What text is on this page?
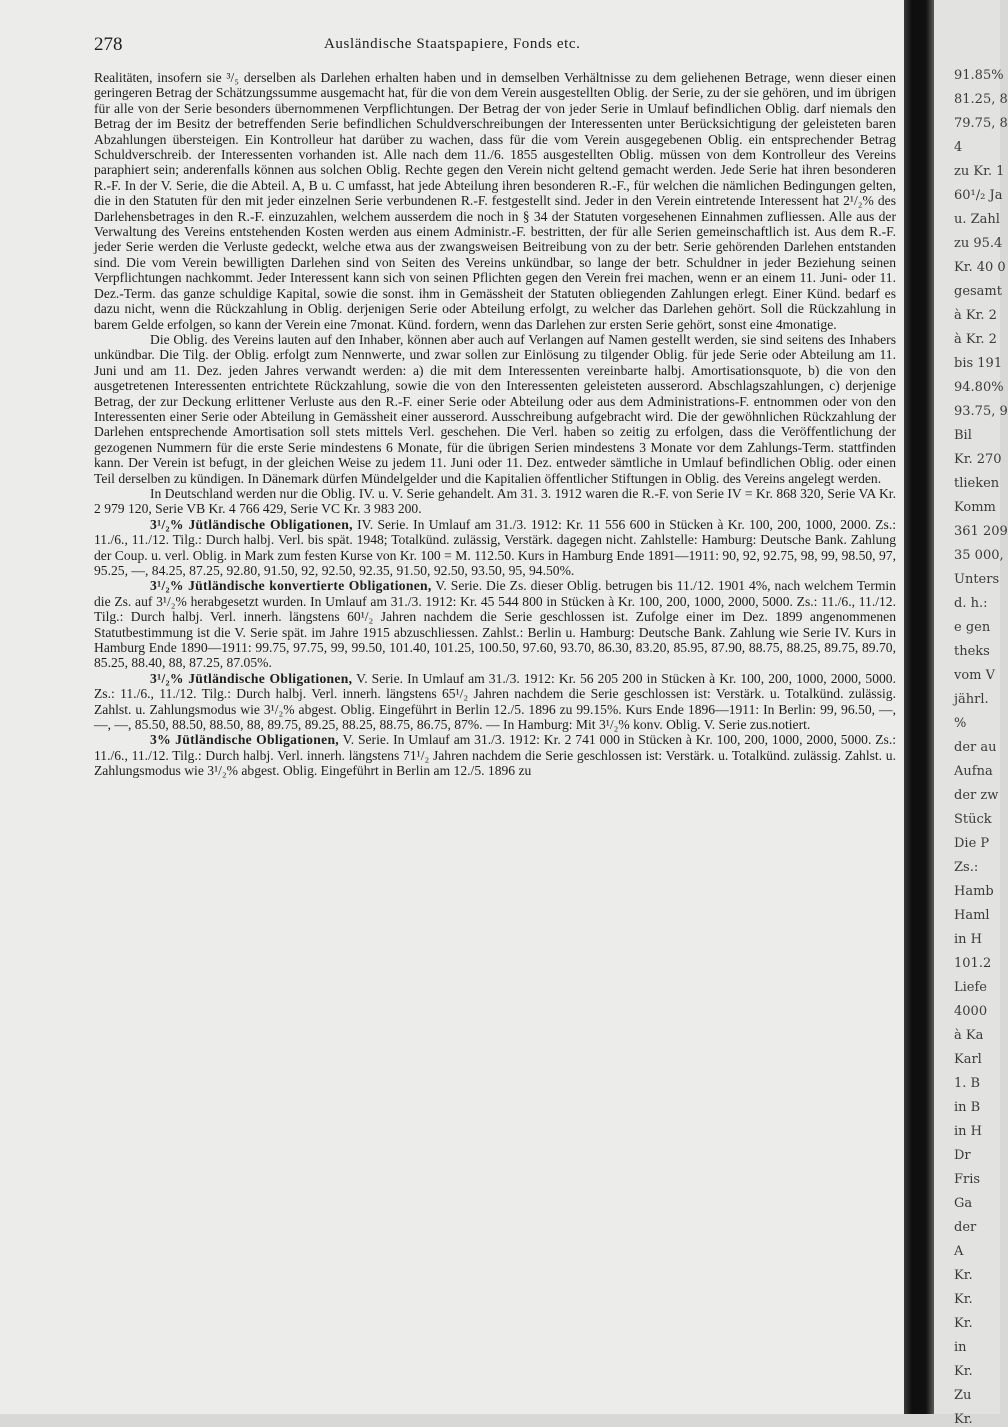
278	Ausländische Staatspapiere, Fonds etc.

Realitäten, insofern sie ³/₅ derselben als Darlehen erhalten haben und in demselben Verhältnisse zu dem geliehenen Betrage, wenn dieser einen geringeren Betrag der Schätzungssumme ausgemacht hat, für die von dem Verein ausgestellten Oblig. der Serie, zu der sie gehören, und im übrigen für alle von der Serie besonders übernommenen Verpflichtungen. Der Betrag der von jeder Serie in Umlauf befindlichen Oblig. darf niemals den Betrag der im Besitz der betreffenden Serie befindlichen Schuldverschreibungen der Interessenten unter Berücksichtigung der geleisteten baren Abzahlungen übersteigen. Ein Kontrolleur hat darüber zu wachen, dass für die vom Verein ausgegebenen Oblig. ein entsprechender Betrag Schuldverschreib. der Interessenten vorhanden ist. Alle nach dem 11./6. 1855 ausgestellten Oblig. müssen von dem Kontrolleur des Vereins paraphiert sein; anderenfalls können aus solchen Oblig. Rechte gegen den Verein nicht geltend gemacht werden. Jede Serie hat ihren besonderen R.-F. In der V. Serie, die die Abteil. A, B u. C umfasst, hat jede Abteilung ihren besonderen R.-F., für welchen die nämlichen Bedingungen gelten, die in den Statuten für den mit jeder einzelnen Serie verbundenen R.-F. festgestellt sind. Jeder in den Verein eintretende Interessent hat 2¹/₂% des Darlehensbetrages in den R.-F. einzuzahlen, welchem ausserdem die noch in § 34 der Statuten vorgesehenen Einnahmen zufliessen. Alle aus der Verwaltung des Vereins entstehenden Kosten werden aus einem Administr.-F. bestritten, der für alle Serien gemeinschaftlich ist. Aus dem R.-F. jeder Serie werden die Verluste gedeckt, welche etwa aus der zwangsweisen Beitreibung von zu der betr. Serie gehörenden Darlehen entstanden sind. Die vom Verein bewilligten Darlehen sind von Seiten des Vereins unkündbar, so lange der betr. Schuldner in jeder Beziehung seinen Verpflichtungen nachkommt. Jeder Interessent kann sich von seinen Pflichten gegen den Verein frei machen, wenn er an einem 11. Juni- oder 11. Dez.-Term. das ganze schuldige Kapital, sowie die sonst. ihm in Gemässheit der Statuten obliegenden Zahlungen erlegt. Einer Künd. bedarf es dazu nicht, wenn die Rückzahlung in Oblig. derjenigen Serie oder Abteilung erfolgt, zu welcher das Darlehen gehört. Soll die Rückzahlung in barem Gelde erfolgen, so kann der Verein eine 7monat. Künd. fordern, wenn das Darlehen zur ersten Serie gehört, sonst eine 4monatige.

Die Oblig. des Vereins lauten auf den Inhaber, können aber auch auf Verlangen auf Namen gestellt werden, sie sind seitens des Inhabers unkündbar. Die Tilg. der Oblig. erfolgt zum Nennwerte, und zwar sollen zur Einlösung zu tilgender Oblig. für jede Serie oder Abteilung am 11. Juni und am 11. Dez. jeden Jahres verwandt werden: a) die mit dem Interessenten vereinbarte halbj. Amortisationsquote, b) die von den ausgetretenen Interessenten entrichtete Rückzahlung, sowie die von den Interessenten geleisteten ausserord. Abschlagszahlungen, c) derjenige Betrag, der zur Deckung erlittener Verluste aus den R.-F. einer Serie oder Abteilung oder aus dem Administrations-F. entnommen oder von den Interessenten einer Serie oder Abteilung in Gemässheit einer ausserord. Ausschreibung aufgebracht wird. Die der gewöhnlichen Rückzahlung der Darlehen entsprechende Amortisation soll stets mittels Verl. geschehen. Die Verl. haben so zeitig zu erfolgen, dass die Veröffentlichung der gezogenen Nummern für die erste Serie mindestens 6 Monate, für die übrigen Serien mindestens 3 Monate vor dem Zahlungs-Term. stattfinden kann. Der Verein ist befugt, in der gleichen Weise zu jedem 11. Juni oder 11. Dez. entweder sämtliche in Umlauf befindlichen Oblig. oder einen Teil derselben zu kündigen. In Dänemark dürfen Mündelgelder und die Kapitalien öffentlicher Stiftungen in Oblig. des Vereins angelegt werden.

In Deutschland werden nur die Oblig. IV. u. V. Serie gehandelt. Am 31. 3. 1912 waren die R.-F. von Serie IV = Kr. 868 320, Serie VA Kr. 2 979 120, Serie VB Kr. 4 766 429, Serie VC Kr. 3 983 200.

3¹/₂% Jütländische Obligationen, IV. Serie. In Umlauf am 31./3. 1912: Kr. 11 556 600 in Stücken à Kr. 100, 200, 1000, 2000. Zs.: 11./6., 11./12. Tilg.: Durch halbj. Verl. bis spät. 1948; Totalkünd. zulässig, Verstärk. dagegen nicht. Zahlstelle: Hamburg: Deutsche Bank. Zahlung der Coup. u. verl. Oblig. in Mark zum festen Kurse von Kr. 100 = M. 112.50. Kurs in Hamburg Ende 1891—1911: 90, 92, 92.75, 98, 99, 98.50, 97, 95.25, —, 84.25, 87.25, 92.80, 91.50, 92, 92.50, 92.35, 91.50, 92.50, 93.50, 95, 94.50%.

3¹/₂% Jütländische konvertierte Obligationen, V. Serie. Die Zs. dieser Oblig. betrugen bis 11./12. 1901 4%, nach welchem Termin die Zs. auf 3¹/₂% herabgesetzt wurden. In Umlauf am 31./3. 1912: Kr. 45 544 800 in Stücken à Kr. 100, 200, 1000, 2000, 5000. Zs.: 11./6., 11./12. Tilg.: Durch halbj. Verl. innerh. längstens 60¹/₂ Jahren nachdem die Serie geschlossen ist. Zufolge einer im Dez. 1899 angenommenen Statutbestimmung ist die V. Serie spät. im Jahre 1915 abzuschliessen. Zahlst.: Berlin u. Hamburg: Deutsche Bank. Zahlung wie Serie IV. Kurs in Hamburg Ende 1890—1911: 99.75, 97.75, 99, 99.50, 101.40, 101.25, 100.50, 97.60, 93.70, 86.30, 83.20, 85.95, 87.90, 88.75, 88.25, 89.75, 89.70, 85.25, 88.40, 88, 87.25, 87.05%.

3¹/₂% Jütländische Obligationen, V. Serie. In Umlauf am 31./3. 1912: Kr. 56 205 200 in Stücken à Kr. 100, 200, 1000, 2000, 5000. Zs.: 11./6., 11./12. Tilg.: Durch halbj. Verl. innerh. längstens 65¹/₂ Jahren nachdem die Serie geschlossen ist: Verstärk. u. Totalkünd. zulässig. Zahlst. u. Zahlungsmodus wie 3¹/₂% abgest. Oblig. Eingeführt in Berlin 12./5. 1896 zu 99.15%. Kurs Ende 1896—1911: In Berlin: 99, 96.50, —, —, —, 85.50, 88.50, 88.50, 88, 89.75, 89.25, 88.25, 88.75, 86.75, 87%. — In Hamburg: Mit 3¹/₂% konv. Oblig. V. Serie zus.notiert.

3% Jütländische Obligationen, V. Serie. In Umlauf am 31./3. 1912: Kr. 2 741 000 in Stücken à Kr. 100, 200, 1000, 2000, 5000. Zs.: 11./6., 11./12. Tilg.: Durch halbj. Verl. innerh. längstens 71¹/₂ Jahren nachdem die Serie geschlossen ist: Verstärk. u. Totalkünd. zulässig. Zahlst. u. Zahlungsmodus wie 3¹/₂% abgest. Oblig. Eingeführt in Berlin am 12./5. 1896 zu

91.85%
81.25, 8
79.75, 8
4
zu Kr. 1
60¹/₂ Ja
u. Zahl
zu 95.4
Kr. 40 0
gesamt
à Kr. 2
à Kr. 2
bis 191
94.80%
93.75, 9
Bil
Kr. 270
tlieken
Komm
361 209
35 000,
Unters
d. h.:
e gen
theks
vom V
jährl.
%
der au
Aufna
der zw
Stück
Die P
Zs.:
Hamb
Haml
in H
101.2
Liefe
4000
à Ka
Karl
1. B
in B
in H
Dr
Fris
Ga
der
A
Kr.
Kr.
Kr.
in
Kr.
Zu
Kr.
